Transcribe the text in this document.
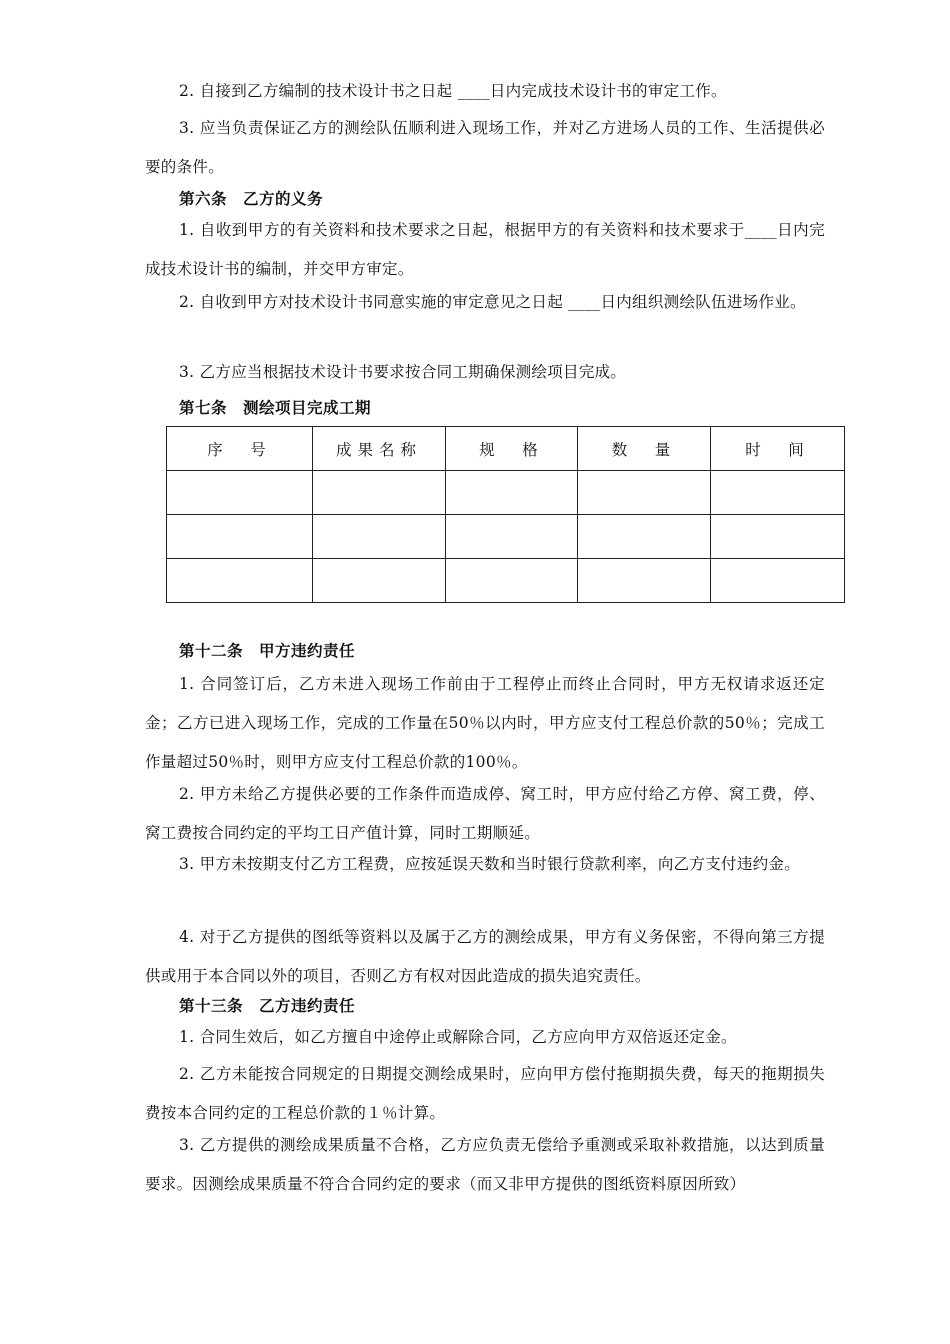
2. 自接到乙方编制的技术设计书之日起 ____日内完成技术设计书的审定工作。

3. 应当负责保证乙方的测绘队伍顺利进入现场工作，并对乙方进场人员的工作、生活提供必要的条件。

第六条　乙方的义务

1. 自收到甲方的有关资料和技术要求之日起，根据甲方的有关资料和技术要求于____日内完成技术设计书的编制，并交甲方审定。

2. 自收到甲方对技术设计书同意实施的审定意见之日起 ____日内组织测绘队伍进场作业。

3. 乙方应当根据技术设计书要求按合同工期确保测绘项目完成。

第七条　测绘项目完成工期
序　号	成果名称	规　格	数　量	时　间

第十二条　甲方违约责任

1. 合同签订后，乙方未进入现场工作前由于工程停止而终止合同时，甲方无权请求返还定金；乙方已进入现场工作，完成的工作量在50％以内时，甲方应支付工程总价款的50％；完成工作量超过50％时，则甲方应支付工程总价款的100％。

2. 甲方未给乙方提供必要的工作条件而造成停、窝工时，甲方应付给乙方停、窝工费，停、窝工费按合同约定的平均工日产值计算，同时工期顺延。

3. 甲方未按期支付乙方工程费，应按延误天数和当时银行贷款利率，向乙方支付违约金。

4. 对于乙方提供的图纸等资料以及属于乙方的测绘成果，甲方有义务保密，不得向第三方提供或用于本合同以外的项目，否则乙方有权对因此造成的损失追究责任。

第十三条　乙方违约责任

1. 合同生效后，如乙方擅自中途停止或解除合同，乙方应向甲方双倍返还定金。

2. 乙方未能按合同规定的日期提交测绘成果时，应向甲方偿付拖期损失费，每天的拖期损失费按本合同约定的工程总价款的１％计算。

3. 乙方提供的测绘成果质量不合格，乙方应负责无偿给予重测或采取补救措施，以达到质量要求。因测绘成果质量不符合合同约定的要求（而又非甲方提供的图纸资料原因所致）
